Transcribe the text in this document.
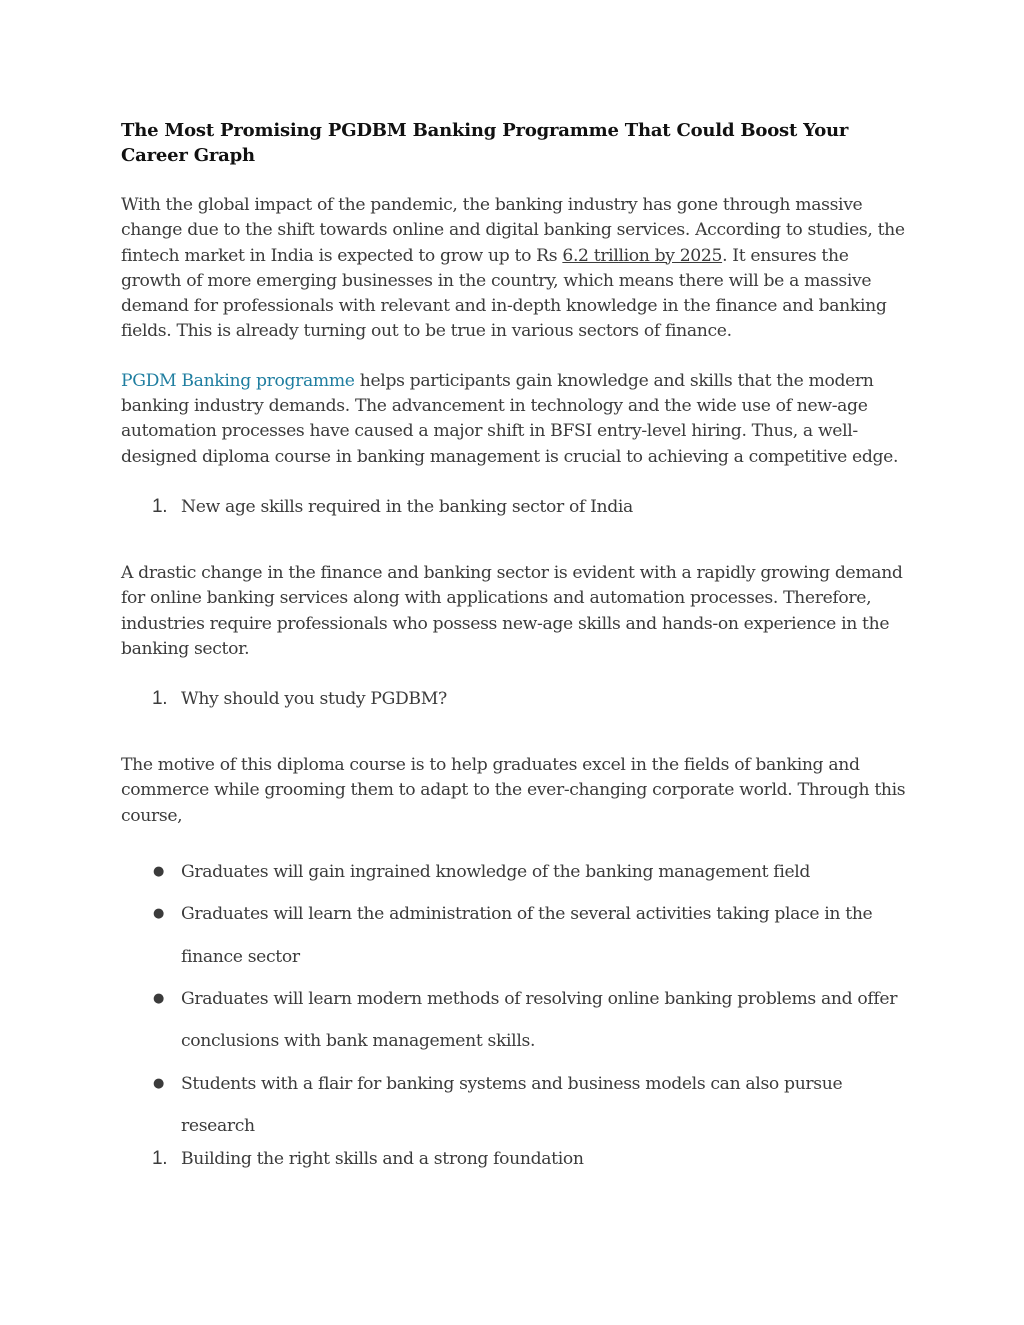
The Most Promising PGDBM Banking Programme That Could Boost Your Career Graph

With the global impact of the pandemic, the banking industry has gone through massive change due to the shift towards online and digital banking services. According to studies, the fintech market in India is expected to grow up to Rs 6.2 trillion by 2025. It ensures the growth of more emerging businesses in the country, which means there will be a massive demand for professionals with relevant and in-depth knowledge in the finance and banking fields. This is already turning out to be true in various sectors of finance.

PGDM Banking programme helps participants gain knowledge and skills that the modern banking industry demands. The advancement in technology and the wide use of new-age automation processes have caused a major shift in BFSI entry-level hiring. Thus, a well-designed diploma course in banking management is crucial to achieving a competitive edge.

1. New age skills required in the banking sector of India

A drastic change in the finance and banking sector is evident with a rapidly growing demand for online banking services along with applications and automation processes. Therefore, industries require professionals who possess new-age skills and hands-on experience in the banking sector.

1. Why should you study PGDBM?

The motive of this diploma course is to help graduates excel in the fields of banking and commerce while grooming them to adapt to the ever-changing corporate world. Through this course,

● Graduates will gain ingrained knowledge of the banking management field
● Graduates will learn the administration of the several activities taking place in the finance sector
● Graduates will learn modern methods of resolving online banking problems and offer conclusions with bank management skills.
● Students with a flair for banking systems and business models can also pursue research
1. Building the right skills and a strong foundation
